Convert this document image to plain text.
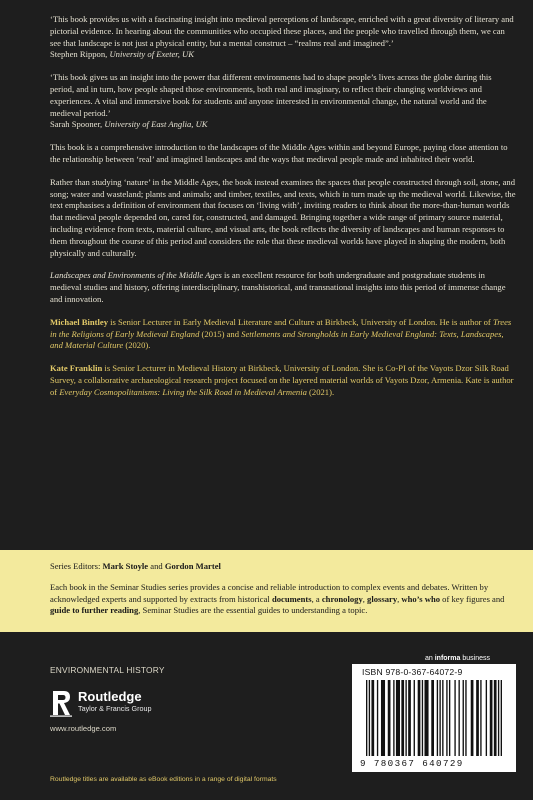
‘This book provides us with a fascinating insight into medieval perceptions of landscape, enriched with a great diversity of literary and pictorial evidence. In hearing about the communities who occupied these places, and the people who travelled through them, we can see that landscape is not just a physical entity, but a mental construct – “realms real and imagined”.’

Stephen Rippon, University of Exeter, UK

‘This book gives us an insight into the power that different environments had to shape people’s lives across the globe during this period, and in turn, how people shaped those environments, both real and imaginary, to reflect their changing worldviews and experiences. A vital and immersive book for students and anyone interested in environmental change, the natural world and the medieval period.’

Sarah Spooner, University of East Anglia, UK

This book is a comprehensive introduction to the landscapes of the Middle Ages within and beyond Europe, paying close attention to the relationship between ‘real’ and imagined landscapes and the ways that medieval people made and inhabited their world.

Rather than studying ‘nature’ in the Middle Ages, the book instead examines the spaces that people constructed through soil, stone, and song; water and wasteland; plants and animals; and timber, textiles, and texts, which in turn made up the medieval world. Likewise, the text emphasises a definition of environment that focuses on ‘living with’, inviting readers to think about the more-than-human worlds that medieval people depended on, cared for, constructed, and damaged. Bringing together a wide range of primary source material, including evidence from texts, material culture, and visual arts, the book reflects the diversity of landscapes and human responses to them throughout the course of this period and considers the role that these medieval worlds have played in shaping the modern, both physically and culturally.

Landscapes and Environments of the Middle Ages is an excellent resource for both undergraduate and postgraduate students in medieval studies and history, offering interdisciplinary, transhistorical, and transnational insights into this period of immense change and innovation.

Michael Bintley is Senior Lecturer in Early Medieval Literature and Culture at Birkbeck, University of London. He is author of Trees in the Religions of Early Medieval England (2015) and Settlements and Strongholds in Early Medieval England: Texts, Landscapes, and Material Culture (2020).

Kate Franklin is Senior Lecturer in Medieval History at Birkbeck, University of London. She is Co-PI of the Vayots Dzor Silk Road Survey, a collaborative archaeological research project focused on the layered material worlds of Vayots Dzor, Armenia. Kate is author of Everyday Cosmopolitanisms: Living the Silk Road in Medieval Armenia (2021).

Series Editors: Mark Stoyle and Gordon Martel

Each book in the Seminar Studies series provides a concise and reliable introduction to complex events and debates. Written by acknowledged experts and supported by extracts from historical documents, a chronology, glossary, who’s who of key figures and guide to further reading, Seminar Studies are the essential guides to understanding a topic.

ENVIRONMENTAL HISTORY
Routledge
Taylor & Francis Group
www.routledge.com
an informa business
ISBN 978-0-367-64072-9
9 780367 640729
Routledge titles are available as eBook editions in a range of digital formats
